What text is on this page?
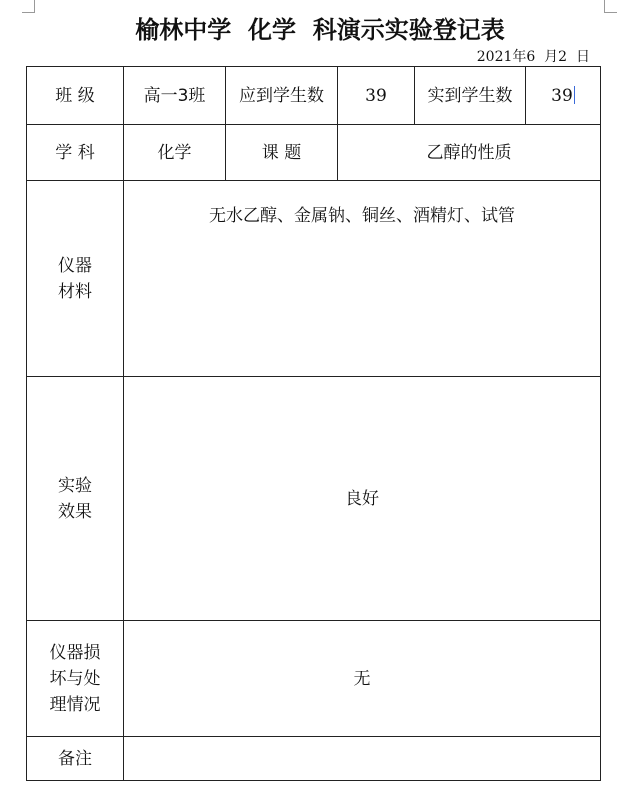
榆林中学  化学  科演示实验登记表
2021年6  月2  日
班 级	高一3班	应到学生数	39	实到学生数	39
学 科	化学	课 题	乙醇的性质		

仪器
材料	无水乙醇、金属钠、铜丝、酒精灯、试管				

实验
效果	良好				

仪器损
坏与处
理情况	无				
备注					
